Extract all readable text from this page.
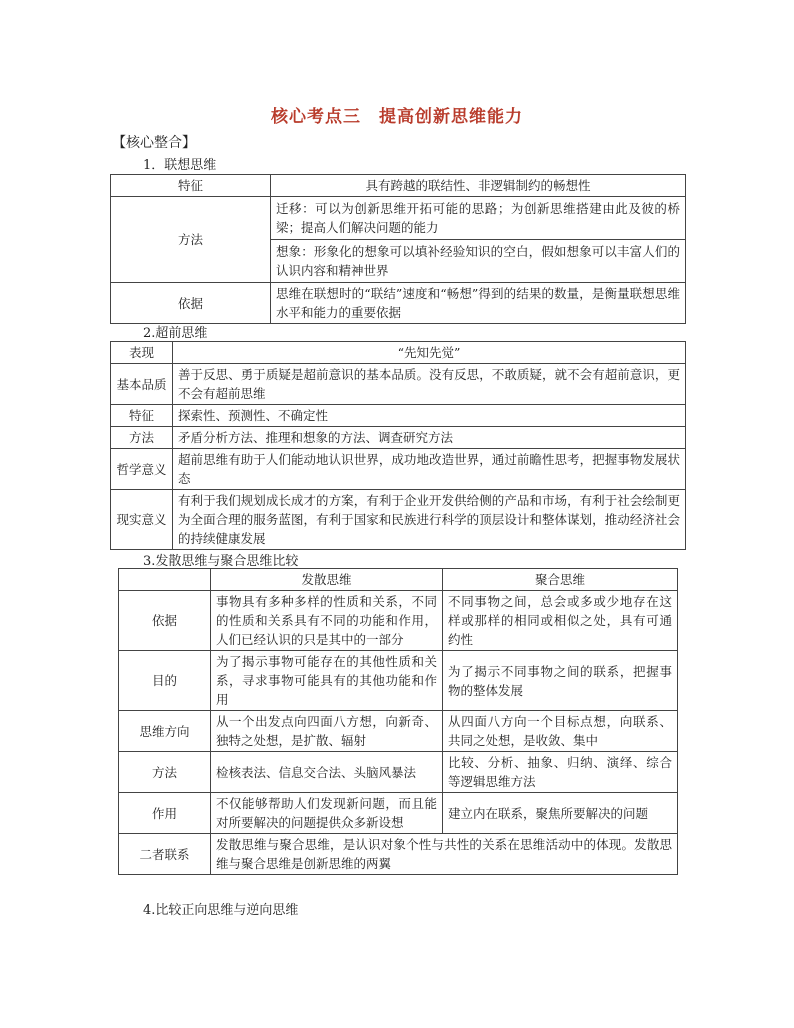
核心考点三 提高创新思维能力
【核心整合】
1．联想思维
特征	具有跨越的联结性、非逻辑制约的畅想性
方法	迁移：可以为创新思维开拓可能的思路；为创新思维搭建由此及彼的桥梁；提高人们解决问题的能力
想象：形象化的想象可以填补经验知识的空白，假如想象可以丰富人们的认识内容和精神世界

依据	思维在联想时的“联结”速度和“畅想”得到的结果的数量，是衡量联想思维水平和能力的重要依据
2.超前思维
表现	“先知先觉”
基本品质	善于反思、勇于质疑是超前意识的基本品质。没有反思，不敢质疑，就不会有超前意识，更不会有超前思维
特征	探索性、预测性、不确定性
方法	矛盾分析方法、推理和想象的方法、调查研究方法
哲学意义	超前思维有助于人们能动地认识世界，成功地改造世界，通过前瞻性思考，把握事物发展状态
现实意义	有利于我们规划成长成才的方案，有利于企业开发供给侧的产品和市场，有利于社会绘制更为全面合理的服务蓝图，有利于国家和民族进行科学的顶层设计和整体谋划，推动经济社会的持续健康发展
3.发散思维与聚合思维比较
	发散思维	聚合思维
依据	事物具有多种多样的性质和关系，不同的性质和关系具有不同的功能和作用，人们已经认识的只是其中的一部分	不同事物之间，总会或多或少地存在这样或那样的相同或相似之处，具有可通约性
目的	为了揭示事物可能存在的其他性质和关系，寻求事物可能具有的其他功能和作用	为了揭示不同事物之间的联系，把握事物的整体发展
思维方向	从一个出发点向四面八方想，向新奇、独特之处想，是扩散、辐射	从四面八方向一个目标点想，向联系、共同之处想，是收敛、集中
方法	检核表法、信息交合法、头脑风暴法	比较、分析、抽象、归纳、演绎、综合等逻辑思维方法
作用	不仅能够帮助人们发现新问题，而且能对所要解决的问题提供众多新设想	建立内在联系，聚焦所要解决的问题
二者联系	发散思维与聚合思维，是认识对象个性与共性的关系在思维活动中的体现。发散思维与聚合思维是创新思维的两翼	
4.比较正向思维与逆向思维
